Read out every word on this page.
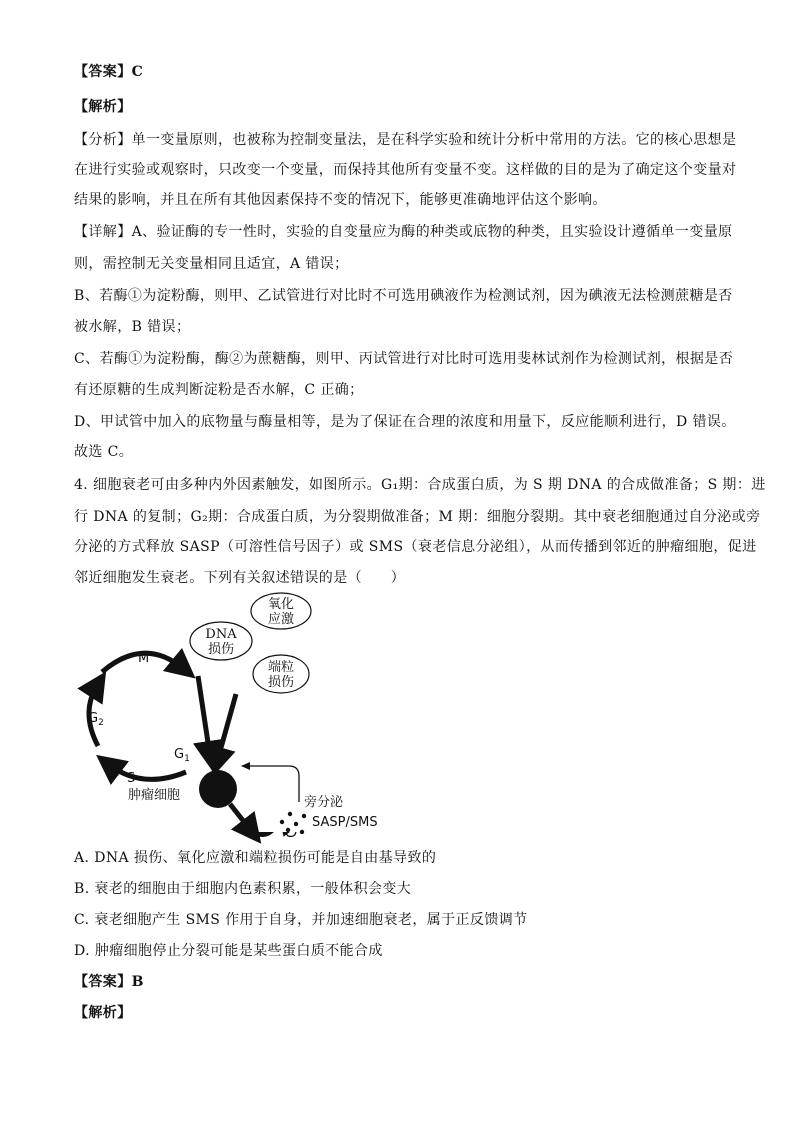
【答案】C
【解析】
【分析】单一变量原则，也被称为控制变量法，是在科学实验和统计分析中常用的方法。它的核心思想是
在进行实验或观察时，只改变一个变量，而保持其他所有变量不变。这样做的目的是为了确定这个变量对
结果的影响，并且在所有其他因素保持不变的情况下，能够更准确地评估这个影响。
【详解】A、验证酶的专一性时，实验的自变量应为酶的种类或底物的种类，且实验设计遵循单一变量原
则，需控制无关变量相同且适宜，A 错误；
B、若酶①为淀粉酶，则甲、乙试管进行对比时不可选用碘液作为检测试剂，因为碘液无法检测蔗糖是否
被水解，B 错误；
C、若酶①为淀粉酶，酶②为蔗糖酶，则甲、丙试管进行对比时可选用斐林试剂作为检测试剂，根据是否
有还原糖的生成判断淀粉是否水解，C 正确；
D、甲试管中加入的底物量与酶量相等，是为了保证在合理的浓度和用量下，反应能顺利进行，D 错误。
故选 C。
4. 细胞衰老可由多种内外因素触发，如图所示。G₁期：合成蛋白质，为 S 期 DNA 的合成做准备；S 期：进
行 DNA 的复制；G₂期：合成蛋白质，为分裂期做准备；M 期：细胞分裂期。其中衰老细胞通过自分泌或旁
分泌的方式释放 SASP（可溶性信号因子）或 SMS（衰老信息分泌组），从而传播到邻近的肿瘤细胞，促进
邻近细胞发生衰老。下列有关叙述错误的是（　　）
M
$G_2$
S
$G_1$
DNA
损伤
氧化
应激
端粒
损伤
肿瘤细胞	旁分泌
SASP/SMS
A. DNA 损伤、氧化应激和端粒损伤可能是自由基导致的
B. 衰老的细胞由于细胞内色素积累，一般体积会变大
C. 衰老细胞产生 SMS 作用于自身，并加速细胞衰老，属于正反馈调节
D. 肿瘤细胞停止分裂可能是某些蛋白质不能合成
【答案】B
【解析】
